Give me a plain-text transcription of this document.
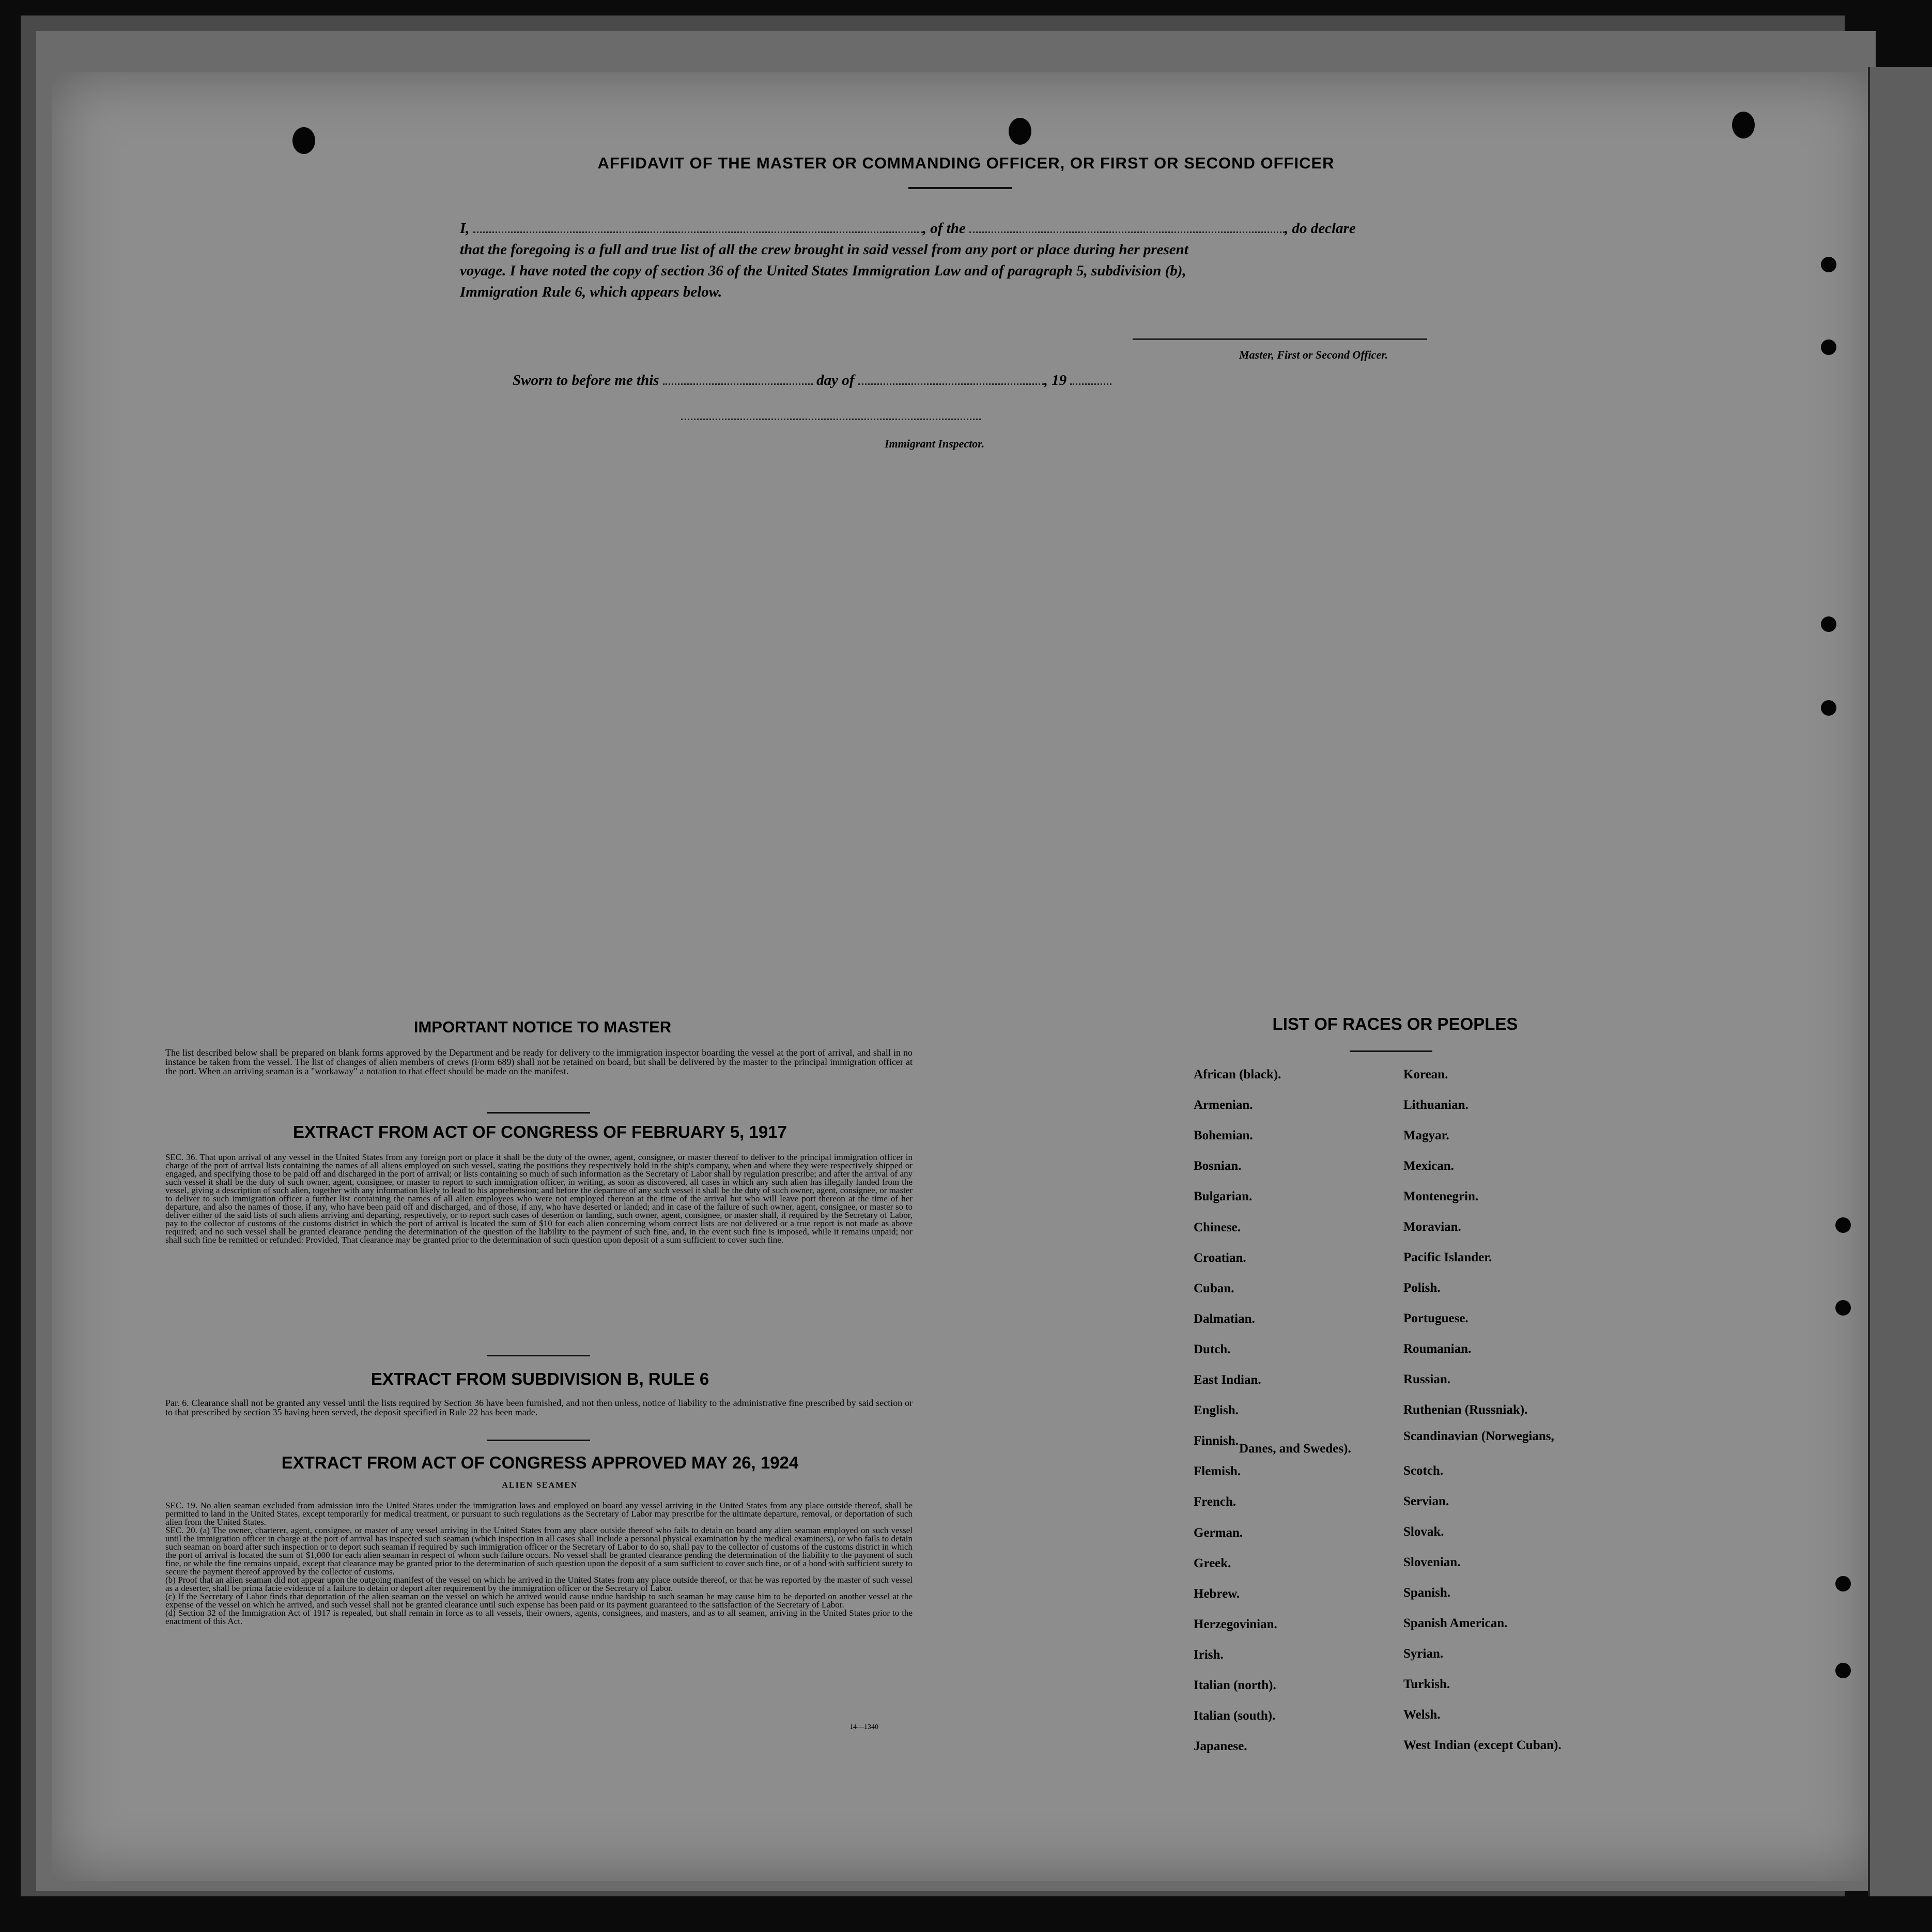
AFFIDAVIT OF THE MASTER OR COMMANDING OFFICER, OR FIRST OR SECOND OFFICER
I,	, of the	, do declare
that the foregoing is a full and true list of all the crew brought in said vessel from any port or place during her present
voyage. I have noted the copy of section 36 of the United States Immigration Law and of paragraph 5, subdivision (b),
Immigration Rule 6, which appears below.
Master, First or Second Officer.
Sworn to before me this	day of	, 19
Immigrant Inspector.
IMPORTANT NOTICE TO MASTER
The list described below shall be prepared on blank forms approved by the Department and be ready for delivery to the immigration inspector boarding the vessel at the port of arrival, and shall in no instance be taken from the vessel. The list of changes of alien members of crews (Form 689) shall not be retained on board, but shall be delivered by the master to the principal immigration officer at the port. When an arriving seaman is a "workaway" a notation to that effect should be made on the manifest.
EXTRACT FROM ACT OF CONGRESS OF FEBRUARY 5, 1917
SEC. 36. That upon arrival of any vessel in the United States from any foreign port or place it shall be the duty of the owner, agent, consignee, or master thereof to deliver to the principal immigration officer in charge of the port of arrival lists containing the names of all aliens employed on such vessel, stating the positions they respectively hold in the ship's company, when and where they were respectively shipped or engaged, and specifying those to be paid off and discharged in the port of arrival; or lists containing so much of such information as the Secretary of Labor shall by regulation prescribe; and after the arrival of any such vessel it shall be the duty of such owner, agent, consignee, or master to report to such immigration officer, in writing, as soon as discovered, all cases in which any such alien has illegally landed from the vessel, giving a description of such alien, together with any information likely to lead to his apprehension; and before the departure of any such vessel it shall be the duty of such owner, agent, consignee, or master to deliver to such immigration officer a further list containing the names of all alien employees who were not employed thereon at the time of the arrival but who will leave port thereon at the time of her departure, and also the names of those, if any, who have been paid off and discharged, and of those, if any, who have deserted or landed; and in case of the failure of such owner, agent, consignee, or master so to deliver either of the said lists of such aliens arriving and departing, respectively, or to report such cases of desertion or landing, such owner, agent, consignee, or master shall, if required by the Secretary of Labor, pay to the collector of customs of the customs district in which the port of arrival is located the sum of $10 for each alien concerning whom correct lists are not delivered or a true report is not made as above required; and no such vessel shall be granted clearance pending the determination of the question of the liability to the payment of such fine, and, in the event such fine is imposed, while it remains unpaid; nor shall such fine be remitted or refunded: Provided, That clearance may be granted prior to the determination of such question upon deposit of a sum sufficient to cover such fine.
EXTRACT FROM SUBDIVISION B, RULE 6
Par. 6. Clearance shall not be granted any vessel until the lists required by Section 36 have been furnished, and not then unless, notice of liability to the administrative fine prescribed by said section or to that prescribed by section 35 having been served, the deposit specified in Rule 22 has been made.
EXTRACT FROM ACT OF CONGRESS APPROVED MAY 26, 1924
ALIEN SEAMEN
SEC. 19. No alien seaman excluded from admission into the United States under the immigration laws and employed on board any vessel arriving in the United States from any place outside thereof, shall be permitted to land in the United States, except temporarily for medical treatment, or pursuant to such regulations as the Secretary of Labor may prescribe for the ultimate departure, removal, or deportation of such alien from the United States.
SEC. 20. (a) The owner, charterer, agent, consignee, or master of any vessel arriving in the United States from any place outside thereof who fails to detain on board any alien seaman employed on such vessel until the immigration officer in charge at the port of arrival has inspected such seaman (which inspection in all cases shall include a personal physical examination by the medical examiners), or who fails to detain such seaman on board after such inspection or to deport such seaman if required by such immigration officer or the Secretary of Labor to do so, shall pay to the collector of customs of the customs district in which the port of arrival is located the sum of $1,000 for each alien seaman in respect of whom such failure occurs. No vessel shall be granted clearance pending the determination of the liability to the payment of such fine, or while the fine remains unpaid, except that clearance may be granted prior to the determination of such question upon the deposit of a sum sufficient to cover such fine, or of a bond with sufficient surety to secure the payment thereof approved by the collector of customs.
(b) Proof that an alien seaman did not appear upon the outgoing manifest of the vessel on which he arrived in the United States from any place outside thereof, or that he was reported by the master of such vessel as a deserter, shall be prima facie evidence of a failure to detain or deport after requirement by the immigration officer or the Secretary of Labor.
(c) If the Secretary of Labor finds that deportation of the alien seaman on the vessel on which he arrived would cause undue hardship to such seaman he may cause him to be deported on another vessel at the expense of the vessel on which he arrived, and such vessel shall not be granted clearance until such expense has been paid or its payment guaranteed to the satisfaction of the Secretary of Labor.
(d) Section 32 of the Immigration Act of 1917 is repealed, but shall remain in force as to all vessels, their owners, agents, consignees, and masters, and as to all seamen, arriving in the United States prior to the enactment of this Act.
14—1340
LIST OF RACES OR PEOPLES
African (black).
Armenian.
Bohemian.
Bosnian.
Bulgarian.
Chinese.
Croatian.
Cuban.
Dalmatian.
Dutch.
East Indian.
English.
Finnish.
Flemish.
French.
German.
Greek.
Hebrew.
Herzegovinian.
Irish.
Italian (north).
Italian (south).
Japanese.
Korean.
Lithuanian.
Magyar.
Mexican.
Montenegrin.
Moravian.
Pacific Islander.
Polish.
Portuguese.
Roumanian.
Russian.
Ruthenian (Russniak).
Scandinavian (Norwegians,
Danes, and Swedes).
Scotch.
Servian.
Slovak.
Slovenian.
Spanish.
Spanish American.
Syrian.
Turkish.
Welsh.
West Indian (except Cuban).
